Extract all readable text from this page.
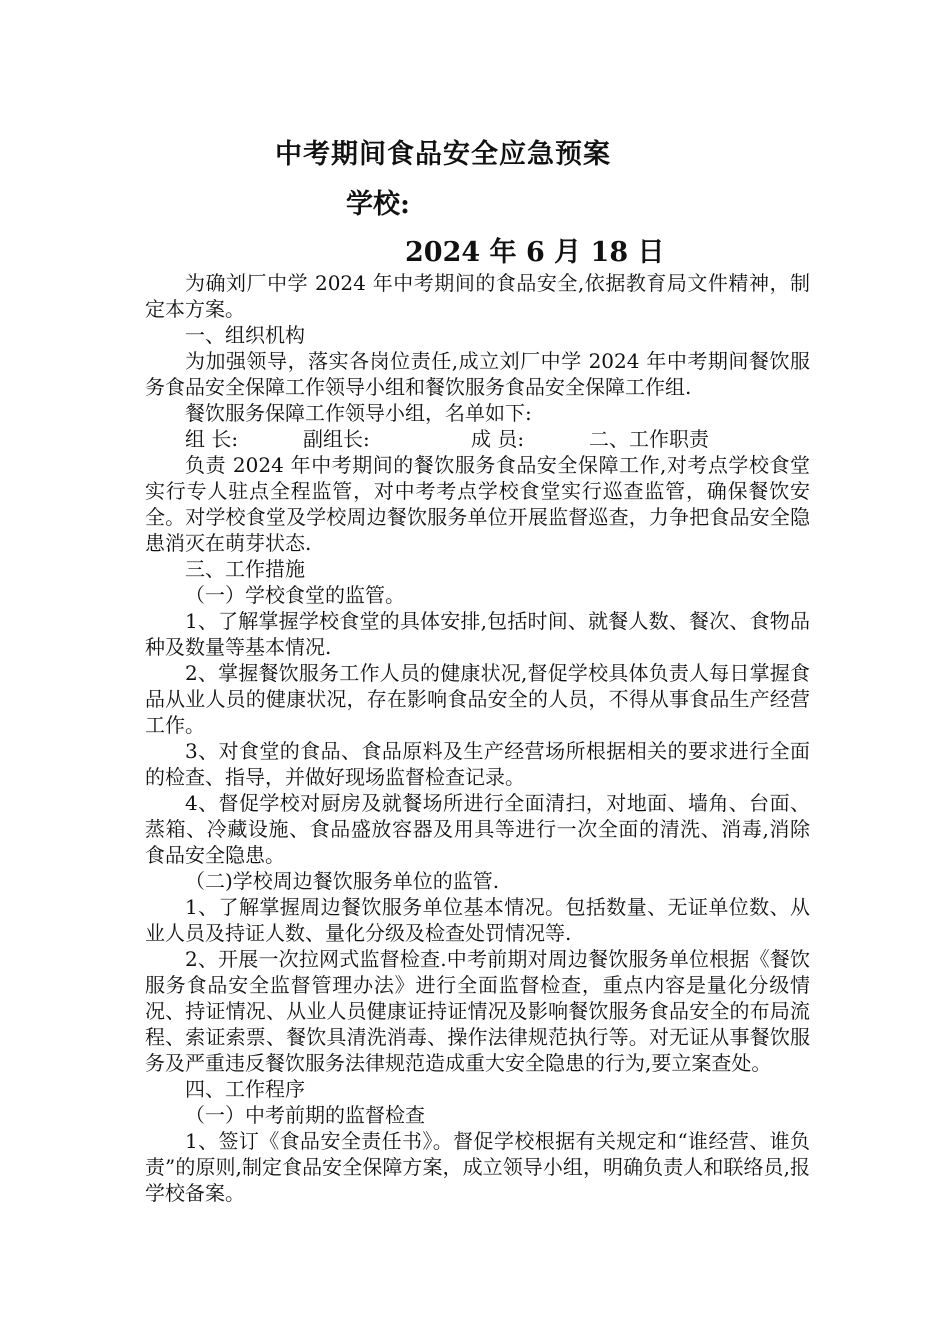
中考期间食品安全应急预案
学校:
2024 年 6 月 18 日

为确刘厂中学 2024 年中考期间的食品安全,依据教育局文件精神，制定本方案。

一、组织机构

为加强领导，落实各岗位责任,成立刘厂中学 2024 年中考期间餐饮服务食品安全保障工作领导小组和餐饮服务食品安全保障工作组.

餐饮服务保障工作领导小组，名单如下:

组 长:	副组长:	成 员:	二、工作职责

负责 2024 年中考期间的餐饮服务食品安全保障工作,对考点学校食堂实行专人驻点全程监管，对中考考点学校食堂实行巡查监管，确保餐饮安全。对学校食堂及学校周边餐饮服务单位开展监督巡查，力争把食品安全隐患消灭在萌芽状态.

三、工作措施

（一）学校食堂的监管。

1、了解掌握学校食堂的具体安排,包括时间、就餐人数、餐次、食物品种及数量等基本情况.

2、掌握餐饮服务工作人员的健康状况,督促学校具体负责人每日掌握食品从业人员的健康状况，存在影响食品安全的人员，不得从事食品生产经营工作。

3、对食堂的食品、食品原料及生产经营场所根据相关的要求进行全面的检查、指导，并做好现场监督检查记录。

4、督促学校对厨房及就餐场所进行全面清扫，对地面、墙角、台面、蒸箱、冷藏设施、食品盛放容器及用具等进行一次全面的清洗、消毒,消除食品安全隐患。

（二)学校周边餐饮服务单位的监管.

1、了解掌握周边餐饮服务单位基本情况。包括数量、无证单位数、从业人员及持证人数、量化分级及检查处罚情况等.

2、开展一次拉网式监督检查.中考前期对周边餐饮服务单位根据《餐饮服务食品安全监督管理办法》进行全面监督检查，重点内容是量化分级情况、持证情况、从业人员健康证持证情况及影响餐饮服务食品安全的布局流程、索证索票、餐饮具清洗消毒、操作法律规范执行等。对无证从事餐饮服务及严重违反餐饮服务法律规范造成重大安全隐患的行为,要立案查处。

四、工作程序

（一）中考前期的监督检查

1、签订《食品安全责任书》。督促学校根据有关规定和“谁经营、谁负责”的原则,制定食品安全保障方案，成立领导小组，明确负责人和联络员,报学校备案。
